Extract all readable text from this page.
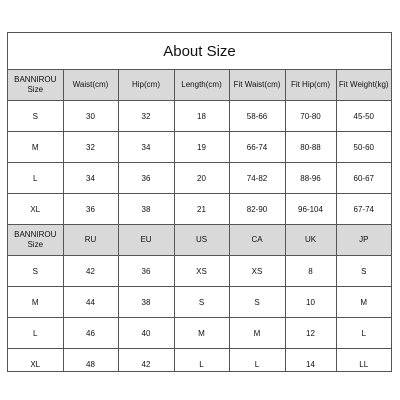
About Size
BANNIROU
Size	Waist(cm)	Hip(cm)	Length(cm)	Fit Waist(cm)	Fit Hip(cm)	Fit Weight(kg)
S	30	32	18	58-66	70-80	45-50
M	32	34	19	66-74	80-88	50-60
L	34	36	20	74-82	88-96	60-67
XL	36	38	21	82-90	96-104	67-74

BANNIROU
Size	RU	EU	US	CA	UK	JP
S	42	36	XS	XS	8	S
M	44	38	S	S	10	M
L	46	40	M	M	12	L
XL	48	42	L	L	14	LL
